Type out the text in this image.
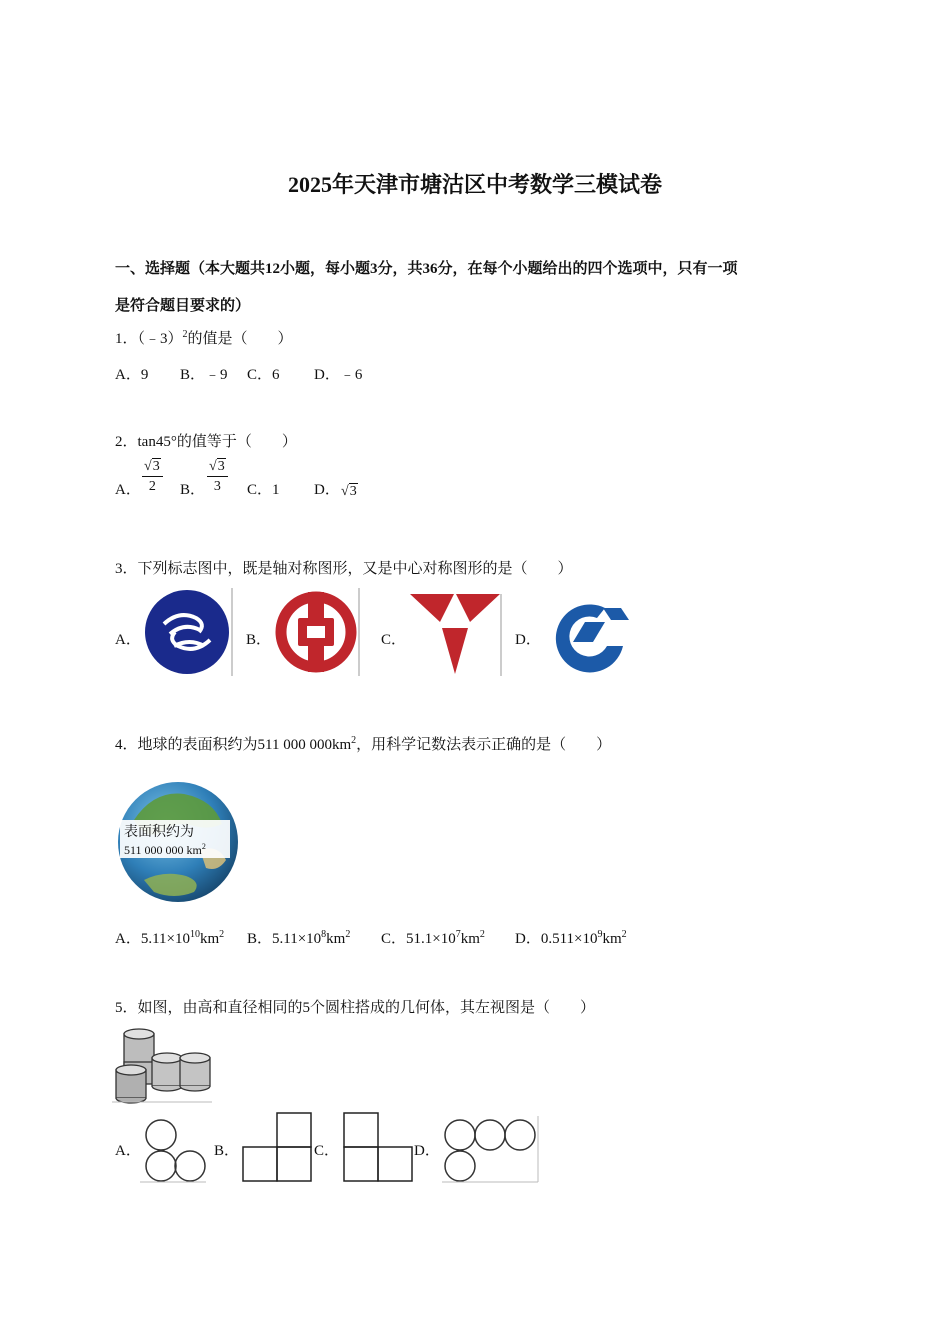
2025年天津市塘沽区中考数学三模试卷
一、选择题（本大题共12小题，每小题3分，共36分，在每个小题给出的四个选项中，只有一项
是符合题目要求的）
1．（﹣3）$^2$的值是（　　）
A．9 B．﹣9 C．6 D．﹣6
2．tan45°的值等于（　　）
A． $\frac{√3}{2}$ B． $\frac{√3}{3}$ C．1 D． √3
3．下列标志图中，既是轴对称图形，又是中心对称图形的是（　　）
A．	B．	C．	D．
4．地球的表面积约为511 000 $000km^2$，用科学记数法表示正确的是（　　）
表面积约为
511 000 000 $km^2$
A．$5.11\times 10^{10}km^2$ B．$5.11\times 10^8km^2$ C．$51.1\times 10^7km^2$ D．$0.511\times 10^9km^2$
5．如图，由高和直径相同的5个圆柱搭成的几何体，其左视图是（　　）
A．	B．	C．	D．
